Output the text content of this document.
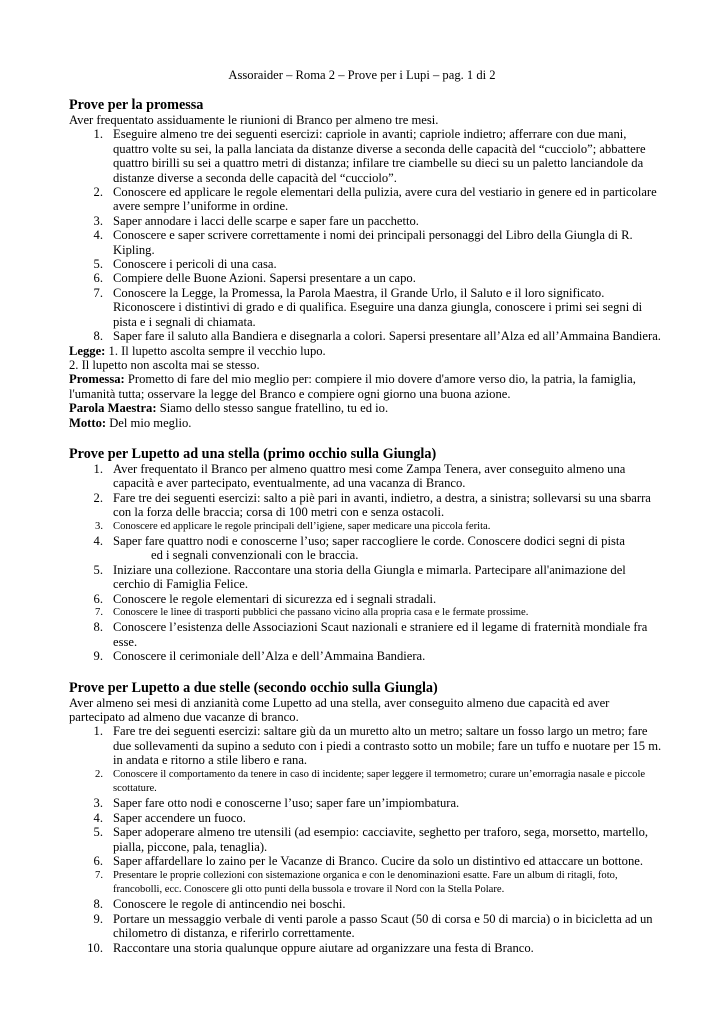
Assoraider – Roma 2 – Prove per i Lupi – pag. 1 di 2
Prove per la promessa

Aver frequentato assiduamente le riunioni di Branco per almeno tre mesi.

1. Eseguire almeno tre dei seguenti esercizi: capriole in avanti; capriole indietro; afferrare con due mani, quattro volte su sei, la palla lanciata da distanze diverse a seconda delle capacità del “cucciolo”; abbattere quattro birilli su sei a quattro metri di distanza; infilare tre ciambelle su dieci su un paletto lanciandole da distanze diverse a seconda delle capacità del “cucciolo”.
2. Conoscere ed applicare le regole elementari della pulizia, avere cura del vestiario in genere ed in particolare avere sempre l’uniforme in ordine.
3. Saper annodare i lacci delle scarpe e saper fare un pacchetto.
4. Conoscere e saper scrivere correttamente i nomi dei principali personaggi del Libro della Giungla di R. Kipling.
5. Conoscere i pericoli di una casa.
6. Compiere delle Buone Azioni. Sapersi presentare a un capo.
7. Conoscere la Legge, la Promessa, la Parola Maestra, il Grande Urlo, il Saluto e il loro significato. Riconoscere i distintivi di grado e di qualifica. Eseguire una danza giungla, conoscere i primi sei segni di pista e i segnali di chiamata.
8. Saper fare il saluto alla Bandiera e disegnarla a colori. Sapersi presentare all’Alza ed all’Ammaina Bandiera.

Legge: 1. Il lupetto ascolta sempre il vecchio lupo.

2. Il lupetto non ascolta mai se stesso.

Promessa: Prometto di fare del mio meglio per: compiere il mio dovere d'amore verso dio, la patria, la famiglia, l'umanità tutta; osservare la legge del Branco e compiere ogni giorno una buona azione.

Parola Maestra: Siamo dello stesso sangue fratellino, tu ed io.

Motto: Del mio meglio.

Prove per Lupetto ad una stella (primo occhio sulla Giungla)
1. Aver frequentato il Branco per almeno quattro mesi come Zampa Tenera, aver conseguito almeno una capacità e aver partecipato, eventualmente, ad una vacanza di Branco.
2. Fare tre dei seguenti esercizi: salto a piè pari in avanti, indietro, a destra, a sinistra; sollevarsi su una sbarra con la forza delle braccia; corsa di 100 metri con e senza ostacoli.
3. Conoscere ed applicare le regole principali dell’igiene, saper medicare una piccola ferita.
4. Saper fare quattro nodi e conoscerne l’uso; saper raccogliere le corde. Conoscere dodici segni di pista
ed i segnali convenzionali con le braccia.
5. Iniziare una collezione. Raccontare una storia della Giungla e mimarla. Partecipare all'animazione del cerchio di Famiglia Felice.
6. Conoscere le regole elementari di sicurezza ed i segnali stradali.
7. Conoscere le linee di trasporti pubblici che passano vicino alla propria casa e le fermate prossime.
8. Conoscere l’esistenza delle Associazioni Scaut nazionali e straniere ed il legame di fraternità mondiale fra esse.
9. Conoscere il cerimoniale dell’Alza e dell’Ammaina Bandiera.
Prove per Lupetto a due stelle (secondo occhio sulla Giungla)

Aver almeno sei mesi di anzianità come Lupetto ad una stella, aver conseguito almeno due capacità ed aver partecipato ad almeno due vacanze di branco.

1. Fare tre dei seguenti esercizi: saltare giù da un muretto alto un metro; saltare un fosso largo un metro; fare due sollevamenti da supino a seduto con i piedi a contrasto sotto un mobile; fare un tuffo e nuotare per 15 m. in andata e ritorno a stile libero e rana.
2. Conoscere il comportamento da tenere in caso di incidente; saper leggere il termometro; curare un’emorragia nasale e piccole scottature.
3. Saper fare otto nodi e conoscerne l’uso; saper fare un’impiombatura.
4. Saper accendere un fuoco.
5. Saper adoperare almeno tre utensili (ad esempio: cacciavite, seghetto per traforo, sega, morsetto, martello, pialla, piccone, pala, tenaglia).
6. Saper affardellare lo zaino per le Vacanze di Branco. Cucire da solo un distintivo ed attaccare un bottone.
7. Presentare le proprie collezioni con sistemazione organica e con le denominazioni esatte. Fare un album di ritagli, foto, francobolli, ecc. Conoscere gli otto punti della bussola e trovare il Nord con la Stella Polare.
8. Conoscere le regole di antincendio nei boschi.
9. Portare un messaggio verbale di venti parole a passo Scaut (50 di corsa e 50 di marcia) o in bicicletta ad un chilometro di distanza, e riferirlo correttamente.
10. Raccontare una storia qualunque oppure aiutare ad organizzare una festa di Branco.
